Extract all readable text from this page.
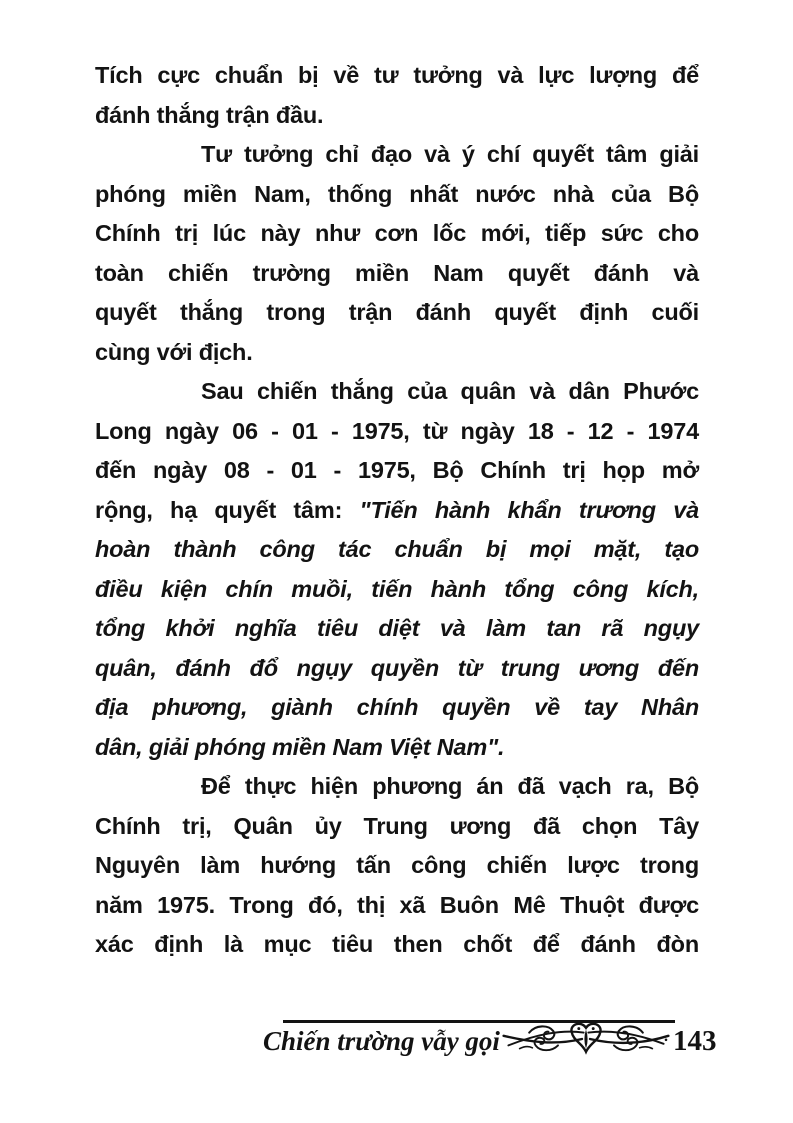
Tích cực chuẩn bị về tư tưởng và lực lượng để
đánh thắng trận đầu.
Tư tưởng chỉ đạo và ý chí quyết tâm giải
phóng miền Nam, thống nhất nước nhà của Bộ
Chính trị lúc này như cơn lốc mới, tiếp sức cho
toàn chiến trường miền Nam quyết đánh và
quyết thắng trong trận đánh quyết định cuối
cùng với địch.
Sau chiến thắng của quân và dân Phước
Long ngày 06 - 01 - 1975, từ ngày 18 - 12 - 1974
đến ngày 08 - 01 - 1975, Bộ Chính trị họp mở
rộng, hạ quyết tâm: "Tiến hành khẩn trương và
hoàn thành công tác chuẩn bị mọi mặt, tạo
điều kiện chín muồi, tiến hành tổng công kích,
tổng khởi nghĩa tiêu diệt và làm tan rã ngụy
quân, đánh đổ ngụy quyền từ trung ương đến
địa phương, giành chính quyền về tay Nhân
dân, giải phóng miền Nam Việt Nam".
Để thực hiện phương án đã vạch ra, Bộ
Chính trị, Quân ủy Trung ương đã chọn Tây
Nguyên làm hướng tấn công chiến lược trong
năm 1975. Trong đó, thị xã Buôn Mê Thuột được
xác định là mục tiêu then chốt để đánh đòn
Chiến trường vẫy gọi	143
